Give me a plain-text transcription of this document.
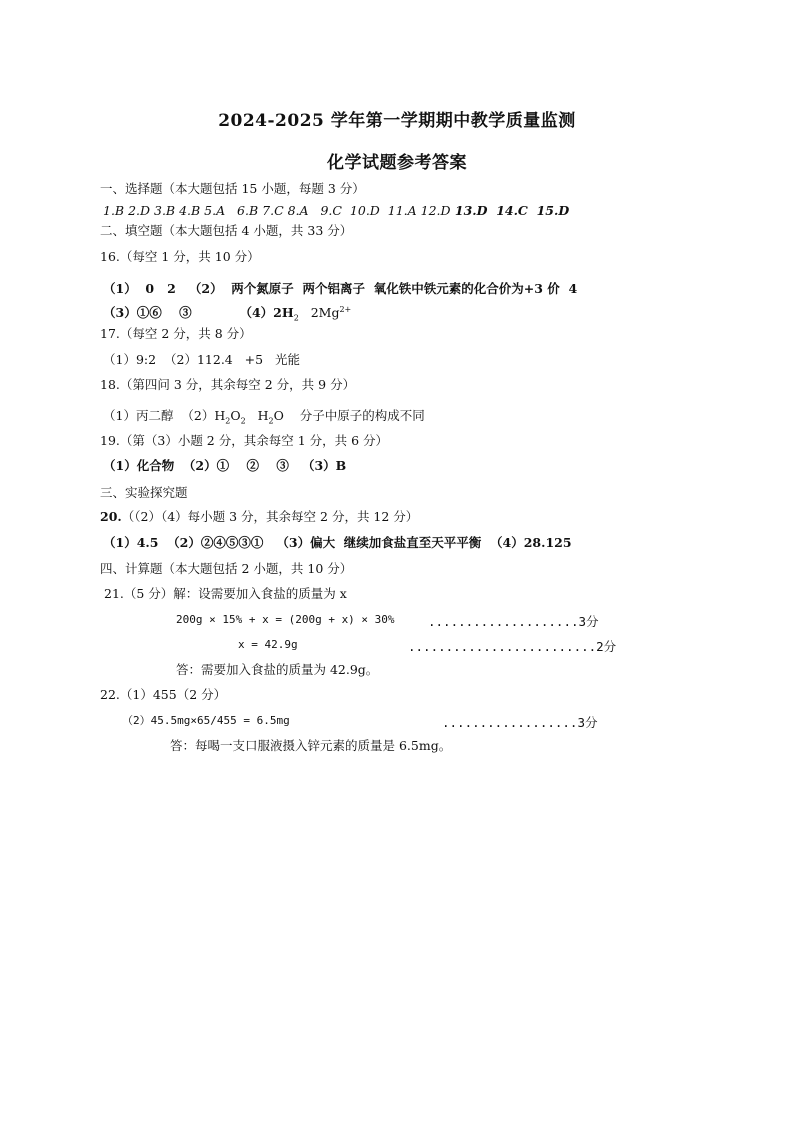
2024-2025 学年第一学期期中教学质量监测
化学试题参考答案
一、选择题（本大题包括 15 小题，每题 3 分）
1.B 2.D 3.B 4.B 5.A   6.B 7.C 8.A   9.C  10.D  11.A 12.D 13.D  14.C  15.D
二、填空题（本大题包括 4 小题，共 33 分）
16.（每空 1 分，共 10 分）
（1）  0   2   （2）  两个氮原子  两个铝离子  氧化铁中铁元素的化合价为+3 价  4
（3）①⑥    ③           $(4)2H_2$   $2Mg^{2+}$
17.（每空 2 分，共 8 分）
（1）9:2  （2）112.4   +5   光能
18.（第四问 3 分，其余每空 2 分，共 9 分）
（1）丙二醇  $(2)H_2O_2$   $H_2O$    分子中原子的构成不同
19.（第（3）小题 2 分，其余每空 1 分，共 6 分）
（1）化合物  （2）①    ②    ③   （3）B
三、实验探究题
20.（（2）（4）每小题 3 分，其余每空 2 分，共 12 分）
（1）4.5  （2）②④⑤③①   （3）偏大  继续加食盐直至天平平衡  （4）28.125
四、计算题（本大题包括 2 小题，共 10 分）
21.（5 分）解：设需要加入食盐的质量为 x
200g × 15% + x = (200g + x) × 30%	....................3分
x = 42.9g	.........................2分
答：需要加入食盐的质量为 42.9g。
22.（1）455（2 分）
（2）45.5mg×65/455 = 6.5mg	..................3分
答：每喝一支口服液摄入锌元素的质量是 6.5mg。
